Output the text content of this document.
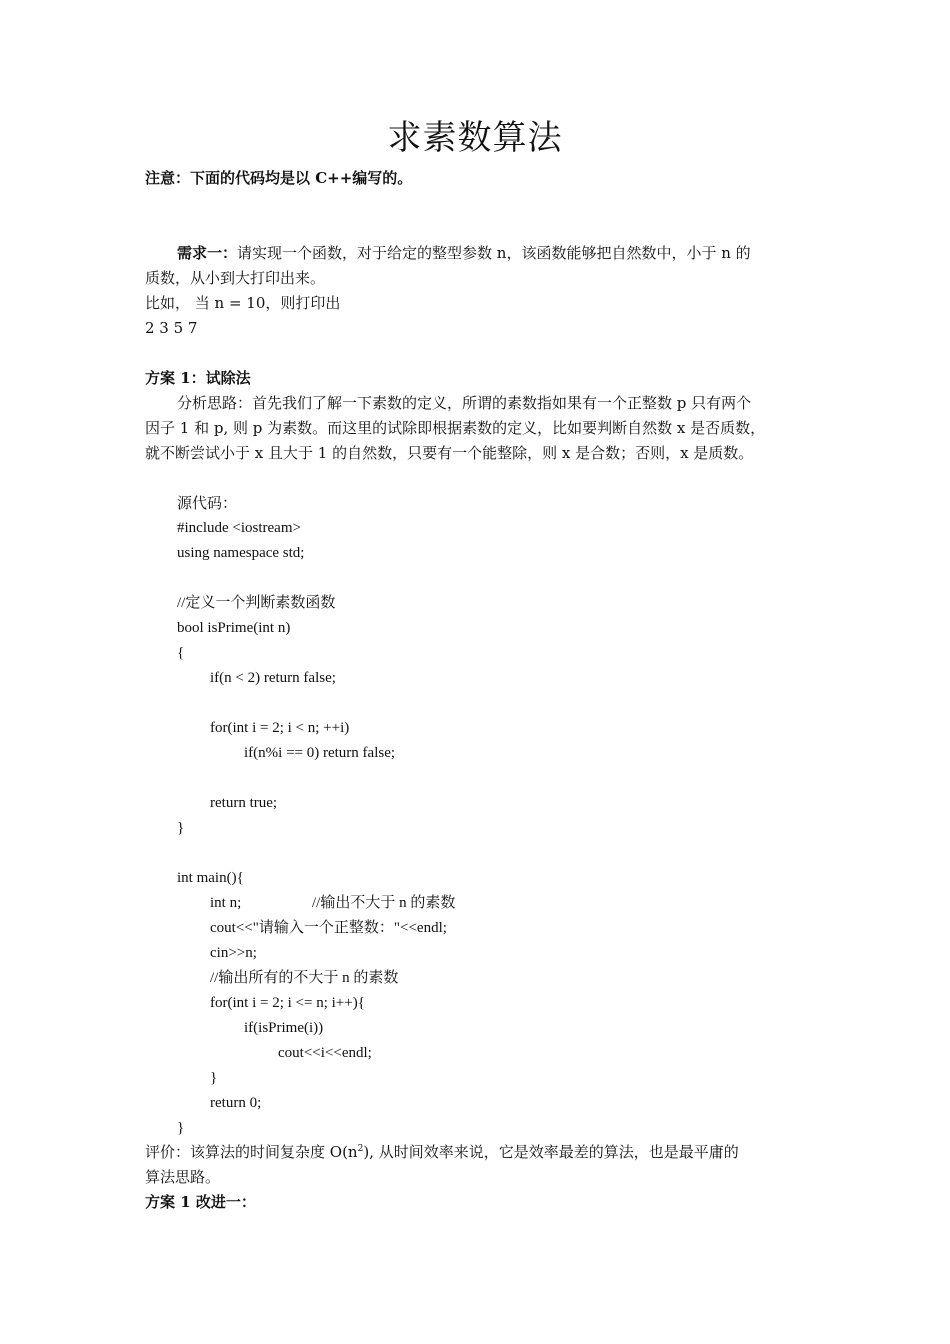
求素数算法
注意：下面的代码均是以 C++编写的。
需求一：请实现一个函数，对于给定的整型参数 n，该函数能够把自然数中，小于 n 的
质数，从小到大打印出来。
比如， 当 n = 10，则打印出
2 3 5 7
方案 1：试除法
分析思路：首先我们了解一下素数的定义，所谓的素数指如果有一个正整数 p 只有两个
因子 1 和 p, 则 p 为素数。而这里的试除即根据素数的定义，比如要判断自然数 x 是否质数，
就不断尝试小于 x 且大于 1 的自然数，只要有一个能整除，则 x 是合数；否则，x 是质数。
源代码：
#include <iostream>
using namespace std;
//定义一个判断素数函数
bool isPrime(int n)
{
if(n < 2) return false;
for(int i = 2; i < n; ++i)
if(n%i == 0) return false;
return true;
}
int main(){
int n;	//输出不大于 n 的素数
cout<<"请输入一个正整数："<<endl;
cin>>n;
//输出所有的不大于 n 的素数
for(int i = 2; i <= n; i++){
if(isPrime(i))
cout<<i<<endl;
}
return 0;
}
评价：该算法的时间复杂度 $O(n^2)$, 从时间效率来说，它是效率最差的算法，也是最平庸的
算法思路。
方案 1 改进一：
